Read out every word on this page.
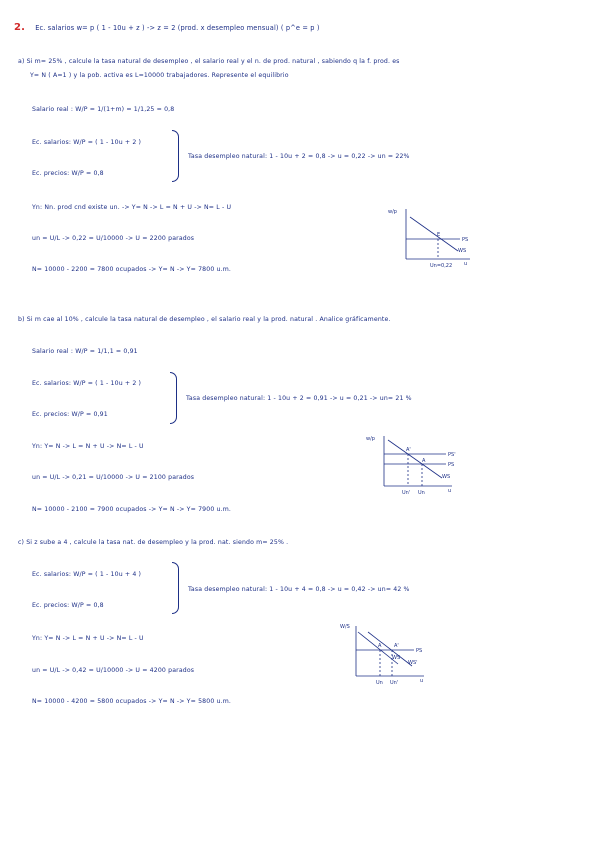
2. Ec. salarios w= p ( 1 - 10u + z ) -> z = 2 (prod. x desempleo mensual) ( p^e = p )
a) Si m= 25% , calcule la tasa natural de desempleo , el salario real y el n. de prod. natural , sabiendo q la f. prod. es
Y= N ( A=1 ) y la pob. activa es L=10000 trabajadores. Represente el equilibrio
Salario real : W/P = 1/(1+m) = 1/1,25 = 0,8
Ec. salarios: W/P = ( 1 - 10u + 2 )
Ec. precios: W/P = 0,8
Tasa desempleo natural: 1 - 10u + 2 = 0,8 -> u = 0,22 -> un = 22%
Yn: Nn. prod cnd existe un. -> Y= N -> L = N + U -> N= L - U
un = U/L -> 0,22 = U/10000 -> U = 2200 parados
N= 10000 - 2200 = 7800 ocupados -> Y= N -> Y= 7800 u.m.
w/p
PS
WS
E
Un=0,22 u
b) Si m cae al 10% , calcule la tasa natural de desempleo , el salario real y la prod. natural . Analice gráficamente.
Salario real : W/P = 1/1,1 = 0,91
Ec. salarios: W/P = ( 1 - 10u + 2 )
Ec. precios: W/P = 0,91
Tasa desempleo natural: 1 - 10u + 2 = 0,91 -> u = 0,21 -> un= 21 %
Yn: Y= N -> L = N + U -> N= L - U
un = U/L -> 0,21 = U/10000 -> U = 2100 parados
N= 10000 - 2100 = 7900 ocupados -> Y= N -> Y= 7900 u.m.
w/p
PS'
PS
WS
A'
A
Un' Un	u
c) Si z sube a 4 , calcule la tasa nat. de desempleo y la prod. nat. siendo m= 25% .
Ec. salarios: W/P = ( 1 - 10u + 4 )
Ec. precios: W/P = 0,8
Tasa desempleo natural: 1 - 10u + 4 = 0,8 -> u = 0,42 -> un= 42 %
Yn: Y= N -> L = N + U -> N= L - U
un = U/L -> 0,42 = U/10000 -> U = 4200 parados
N= 10000 - 4200 = 5800 ocupados -> Y= N -> Y= 5800 u.m.
W/S
PS
WS
WS'
A	A'
Un Un'	u
